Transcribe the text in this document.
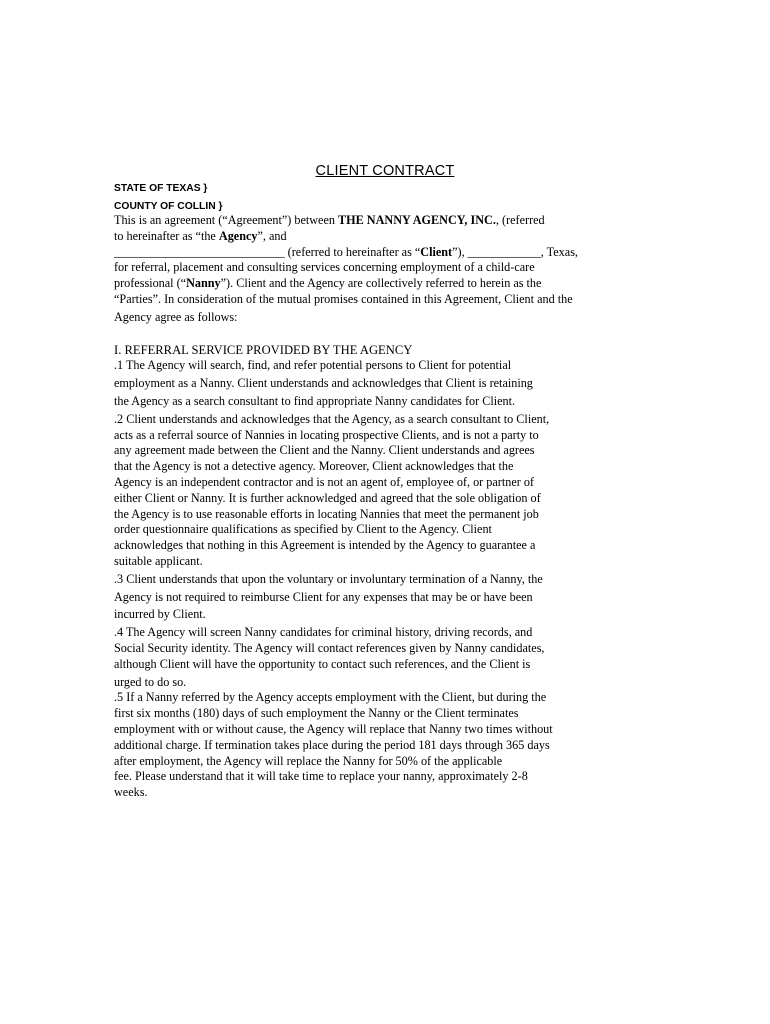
CLIENT CONTRACT
STATE OF TEXAS }
COUNTY OF COLLIN }
This is an agreement (“Agreement”) between THE NANNY AGENCY, INC., (referred
to hereinafter as “the Agency”, and
____________________________ (referred to hereinafter as “Client”), ____________, Texas,
for referral, placement and consulting services concerning employment of a child-care
professional (“Nanny”). Client and the Agency are collectively referred to herein as the
“Parties”. In consideration of the mutual promises contained in this Agreement, Client and the
Agency agree as follows:
I. REFERRAL SERVICE PROVIDED BY THE AGENCY
.1 The Agency will search, find, and refer potential persons to Client for potential
employment as a Nanny. Client understands and acknowledges that Client is retaining
the Agency as a search consultant to find appropriate Nanny candidates for Client.
.2 Client understands and acknowledges that the Agency, as a search consultant to Client,
acts as a referral source of Nannies in locating prospective Clients, and is not a party to
any agreement made between the Client and the Nanny. Client understands and agrees
that the Agency is not a detective agency. Moreover, Client acknowledges that the
Agency is an independent contractor and is not an agent of, employee of, or partner of
either Client or Nanny. It is further acknowledged and agreed that the sole obligation of
the Agency is to use reasonable efforts in locating Nannies that meet the permanent job
order questionnaire qualifications as specified by Client to the Agency. Client
acknowledges that nothing in this Agreement is intended by the Agency to guarantee a
suitable applicant.
.3 Client understands that upon the voluntary or involuntary termination of a Nanny, the
Agency is not required to reimburse Client for any expenses that may be or have been
incurred by Client.
.4 The Agency will screen Nanny candidates for criminal history, driving records, and
Social Security identity. The Agency will contact references given by Nanny candidates,
although Client will have the opportunity to contact such references, and the Client is
urged to do so.
.5 If a Nanny referred by the Agency accepts employment with the Client, but during the
first six months (180) days of such employment the Nanny or the Client terminates
employment with or without cause, the Agency will replace that Nanny two times without
additional charge. If termination takes place during the period 181 days through 365 days
after employment, the Agency will replace the Nanny for 50% of the applicable
fee. Please understand that it will take time to replace your nanny, approximately 2-8
weeks.
